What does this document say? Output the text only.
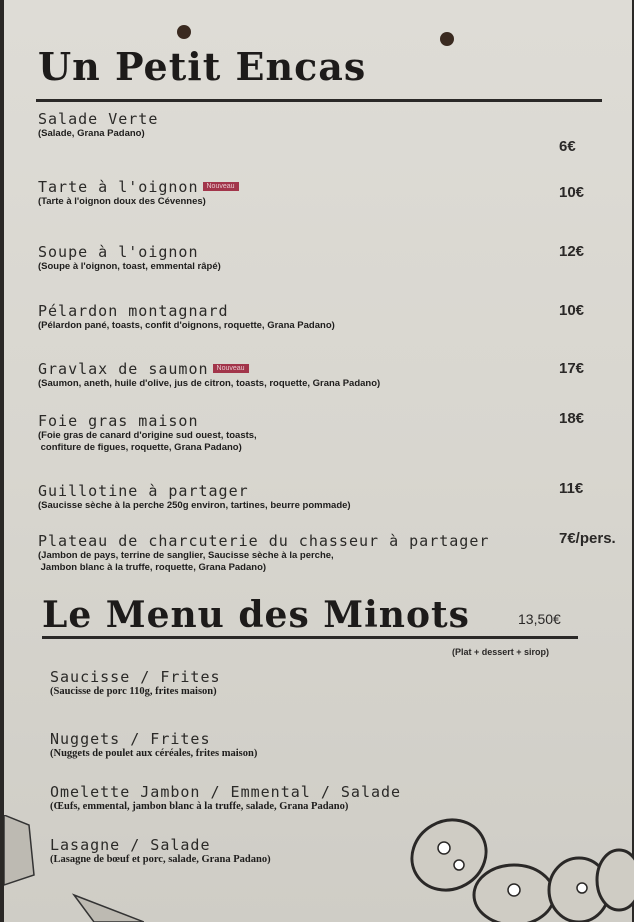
Un Petit Encas
Salade Verte
(Salade, Grana Padano)
6€
Tarte à l'oignon Nouveau
(Tarte à l'oignon doux des Cévennes)
10€
Soupe à l'oignon
(Soupe à l'oignon, toast, emmental râpé)
12€
Pélardon montagnard
(Pélardon pané, toasts, confit d'oignons, roquette, Grana Padano)
10€
Gravlax de saumon Nouveau
(Saumon, aneth, huile d'olive, jus de citron, toasts, roquette, Grana Padano)
17€
Foie gras maison
(Foie gras de canard d'origine sud ouest, toasts,
confiture de figues, roquette, Grana Padano)
18€
Guillotine à partager
(Saucisse sèche à la perche 250g environ, tartines, beurre pommade)
11€
Plateau de charcuterie du chasseur à partager
(Jambon de pays, terrine de sanglier, Saucisse sèche à la perche,
Jambon blanc à la truffe, roquette, Grana Padano)
7€/pers.
Le Menu des Minots	13,50€
(Plat + dessert + sirop)
Saucisse / Frites
(Saucisse de porc 110g, frites maison)
Nuggets / Frites
(Nuggets de poulet aux céréales, frites maison)
Omelette Jambon / Emmental / Salade
(Œufs, emmental, jambon blanc à la truffe, salade, Grana Padano)
Lasagne / Salade
(Lasagne de bœuf et porc, salade, Grana Padano)
